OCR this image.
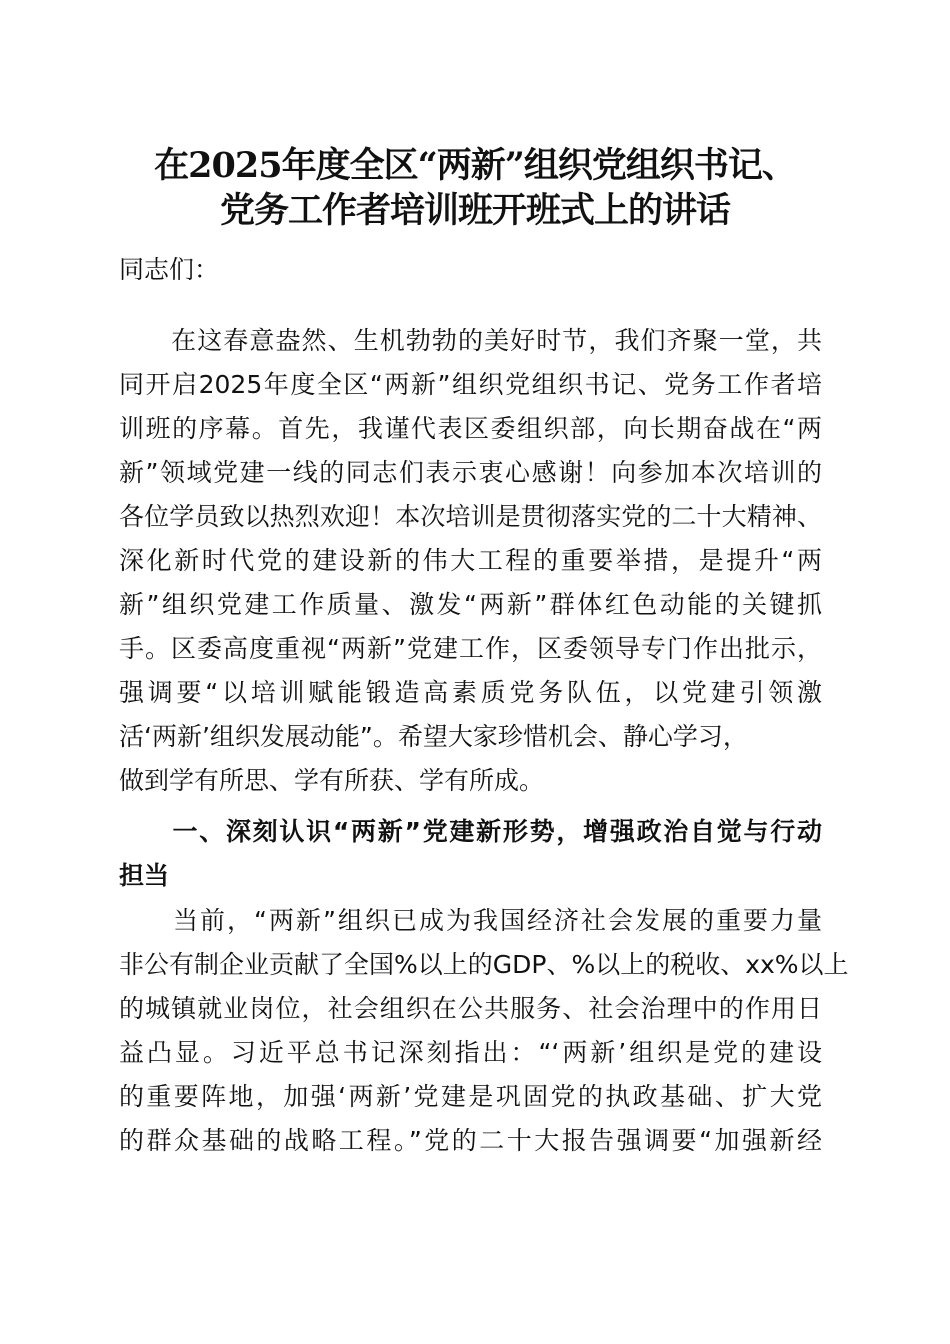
在2025年度全区“两新”组织党组织书记、
党务工作者培训班开班式上的讲话
同志们：
　　在这春意盎然、生机勃勃的美好时节，我们齐聚一堂，共
同开启2025年度全区“两新”组织党组织书记、党务工作者培
训班的序幕。首先，我谨代表区委组织部，向长期奋战在“两
新”领域党建一线的同志们表示衷心感谢！向参加本次培训的
各位学员致以热烈欢迎！本次培训是贯彻落实党的二十大精神、
深化新时代党的建设新的伟大工程的重要举措，是提升“两
新”组织党建工作质量、激发“两新”群体红色动能的关键抓
手。区委高度重视“两新”党建工作，区委领导专门作出批示，
强调要“以培训赋能锻造高素质党务队伍，以党建引领激
活‘两新’组织发展动能”。希望大家珍惜机会、静心学习，
做到学有所思、学有所获、学有所成。
　　一、深刻认识“两新”党建新形势，增强政治自觉与行动
担当
　　当前，“两新”组织已成为我国经济社会发展的重要力量
非公有制企业贡献了全国%以上的GDP、%以上的税收、xx%以上
的城镇就业岗位，社会组织在公共服务、社会治理中的作用日
益凸显。习近平总书记深刻指出：“‘两新’组织是党的建设
的重要阵地，加强‘两新’党建是巩固党的执政基础、扩大党
的群众基础的战略工程。”党的二十大报告强调要“加强新经
